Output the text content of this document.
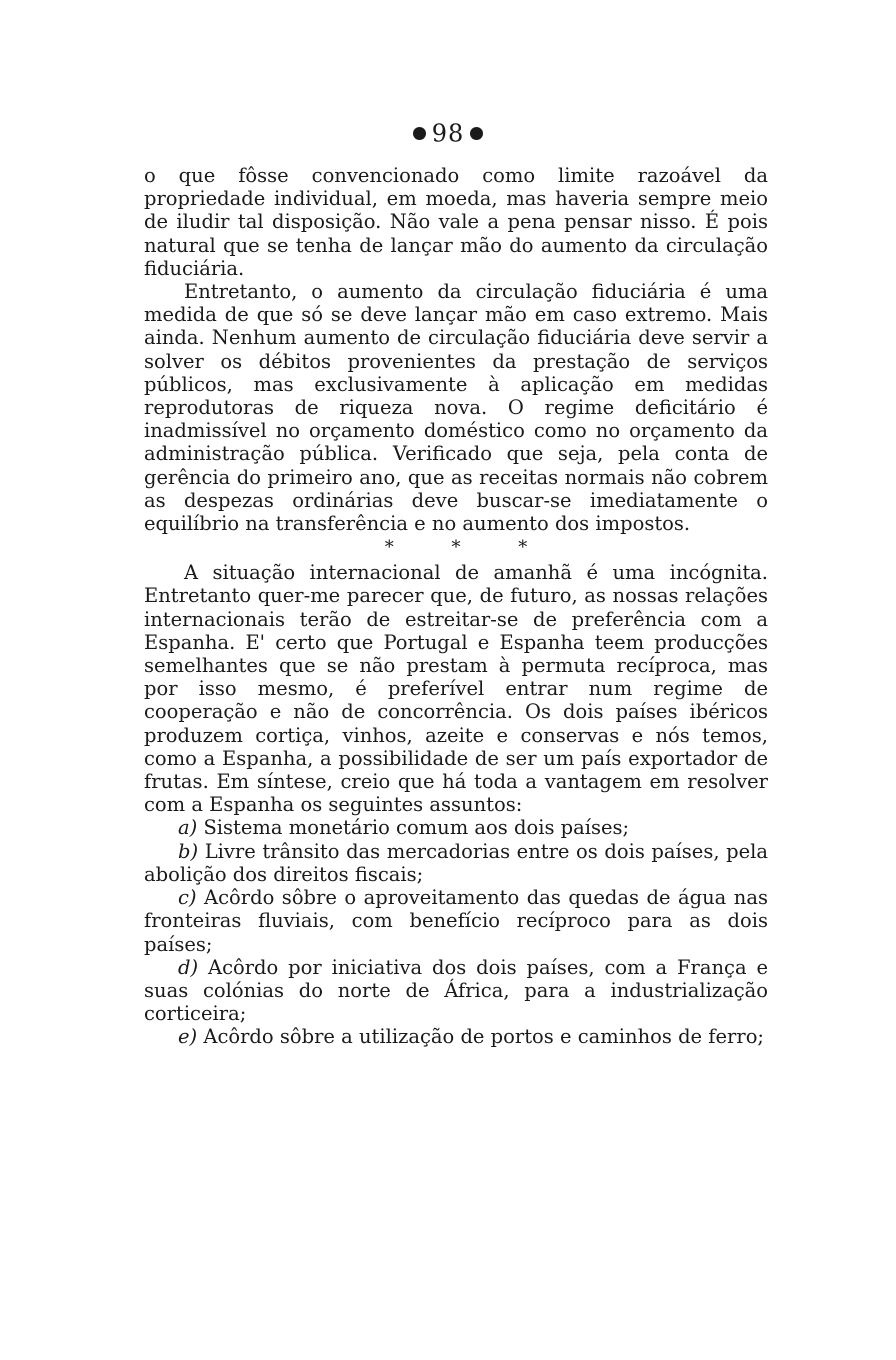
98

o que fôsse convencionado como limite razoável da propriedade individual, em moeda, mas haveria sempre meio de iludir tal disposição. Não vale a pena pensar nisso. É pois natural que se tenha de lançar mão do aumento da circulação fiduciária.

Entretanto, o aumento da circulação fiduciária é uma medida de que só se deve lançar mão em caso extremo. Mais ainda. Nenhum aumento de circulação fiduciária deve servir a solver os débitos provenientes da prestação de serviços públicos, mas exclusivamente à aplicação em medidas reprodutoras de riqueza nova. O regime deficitário é inadmissível no orçamento doméstico como no orçamento da administração pública. Verificado que seja, pela conta de gerência do primeiro ano, que as receitas normais não cobrem as despezas ordinárias deve buscar-se imediatamente o equilíbrio na transferência e no aumento dos impostos.

* * *

A situação internacional de amanhã é uma incógnita. Entretanto quer-me parecer que, de futuro, as nossas relações internacionais terão de estreitar-se de preferência com a Espanha. E' certo que Portugal e Espanha teem producções semelhantes que se não prestam à permuta recíproca, mas por isso mesmo, é preferível entrar num regime de cooperação e não de concorrência. Os dois países ibéricos produzem cortiça, vinhos, azeite e conservas e nós temos, como a Espanha, a possibilidade de ser um país exportador de frutas. Em síntese, creio que há toda a vantagem em resolver com a Espanha os seguintes assuntos:

a) Sistema monetário comum aos dois países;

b) Livre trânsito das mercadorias entre os dois países, pela abolição dos direitos fiscais;

c) Acôrdo sôbre o aproveitamento das quedas de água nas fronteiras fluviais, com benefício recíproco para as dois países;

d) Acôrdo por iniciativa dos dois países, com a França e suas colónias do norte de África, para a industrialização corticeira;

e) Acôrdo sôbre a utilização de portos e caminhos de ferro;
